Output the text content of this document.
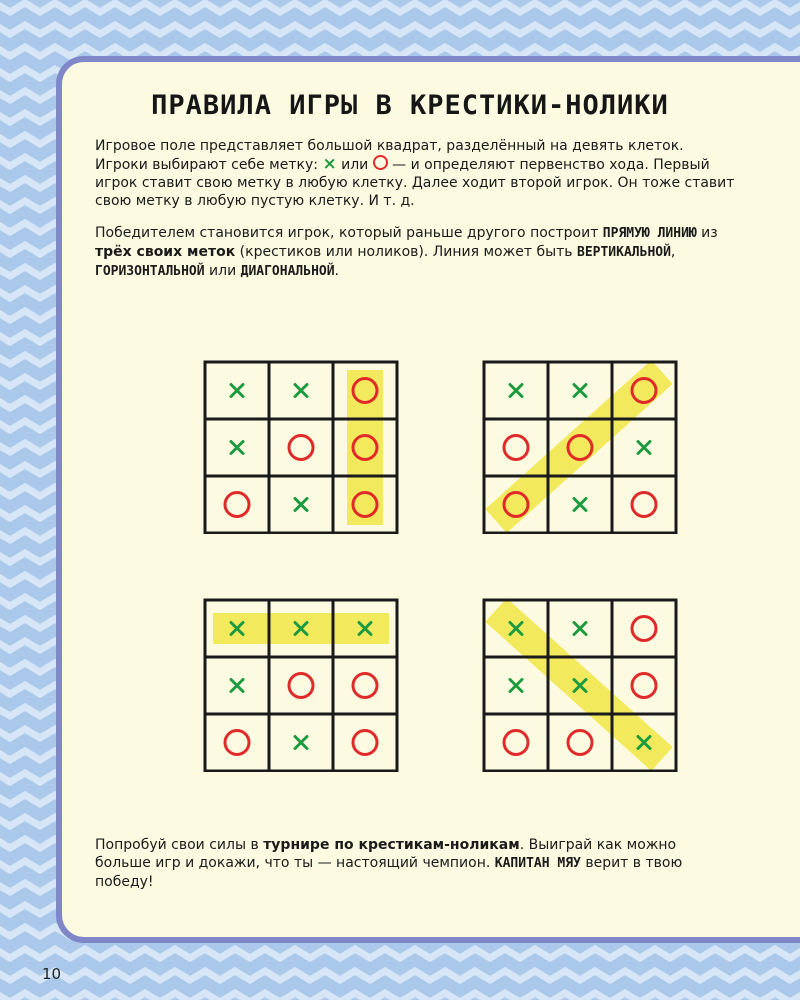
ПРАВИЛА ИГРЫ В КРЕСТИКИ-НОЛИКИ

Игровое поле представляет большой квадрат, разделённый на девять клеток. Игроки выбирают себе метку: × или  — и определяют первенство хода. Первый игрок ставит свою метку в любую клетку. Далее ходит второй игрок. Он тоже ставит свою метку в любую пустую клетку. И т. д.

Победителем становится игрок, который раньше другого построит ПРЯМУЮ ЛИНИЮ из трёх своих меток (крестиков или ноликов). Линия может быть ВЕРТИКАЛЬНОЙ, ГОРИЗОНТАЛЬНОЙ или ДИАГОНАЛЬНОЙ.

Попробуй свои силы в турнире по крестикам-ноликам. Выиграй как можно больше игр и докажи, что ты — настоящий чемпион. КАПИТАН МЯУ верит в твою победу!

10
